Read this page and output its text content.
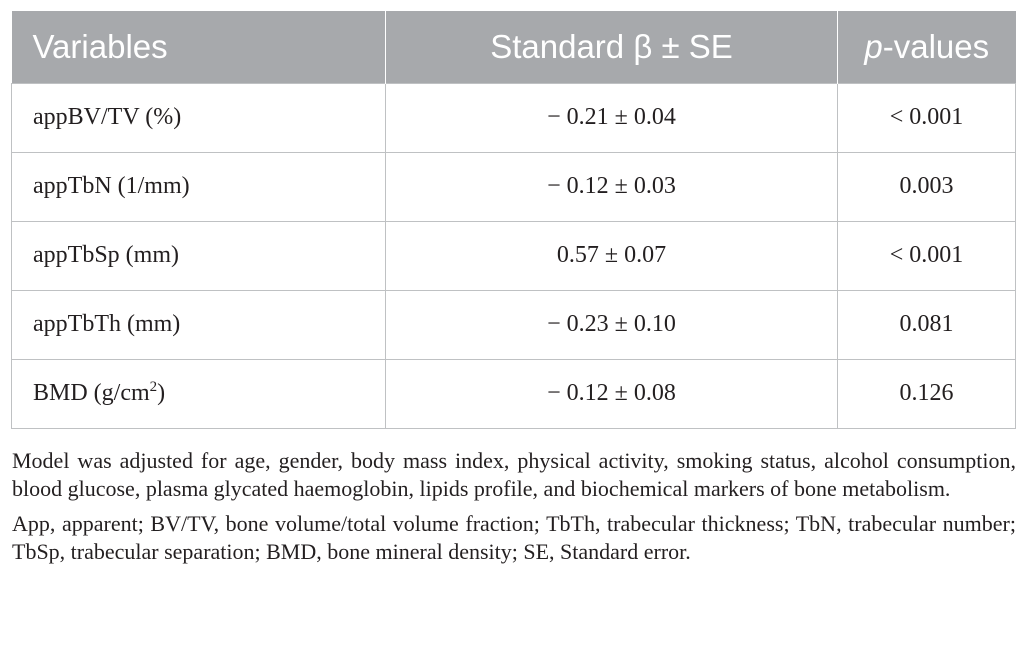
Variables	Standard β ± SE	p-values
appBV/TV (%)	− 0.21 ± 0.04	< 0.001
appTbN (1/mm)	− 0.12 ± 0.03	0.003
appTbSp (mm)	0.57 ± 0.07	< 0.001
appTbTh (mm)	− 0.23 ± 0.10	0.081
BMD $(g/cm^2)$	− 0.12 ± 0.08	0.126

Model was adjusted for age, gender, body mass index, physical activity, smoking status, alcohol consumption, blood glucose, plasma glycated haemoglobin, lipids profile, and biochemical markers of bone metabolism.

App, apparent; BV/TV, bone volume/total volume fraction; TbTh, trabecular thickness; TbN, trabecular number; TbSp, trabecular separation; BMD, bone mineral density; SE, Standard error.
